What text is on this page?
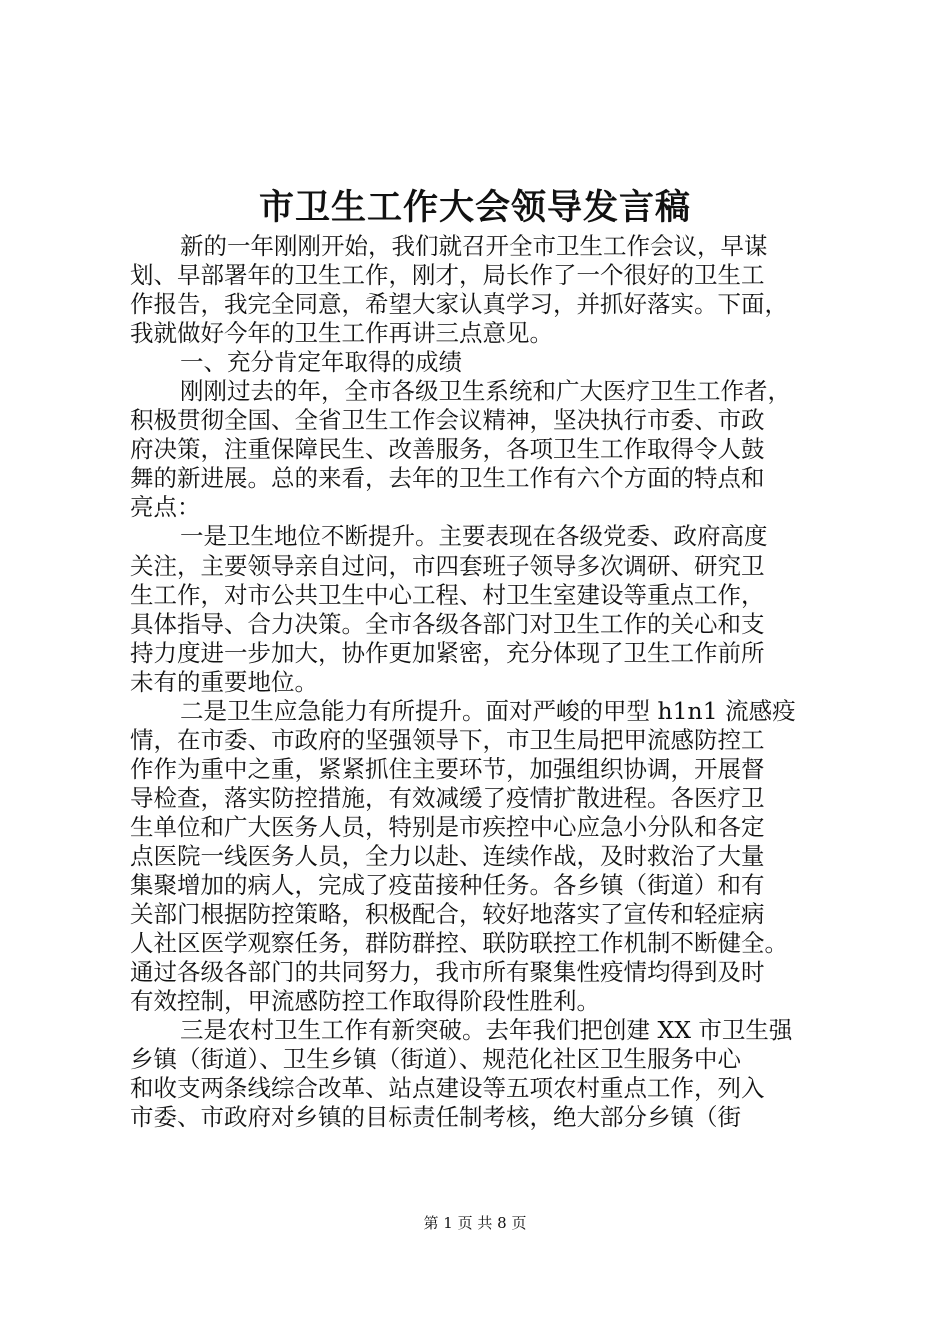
市卫生工作大会领导发言稿
新的一年刚刚开始，我们就召开全市卫生工作会议，早谋
划、早部署年的卫生工作，刚才，局长作了一个很好的卫生工
作报告，我完全同意，希望大家认真学习，并抓好落实。下面，
我就做好今年的卫生工作再讲三点意见。
一、充分肯定年取得的成绩
刚刚过去的年，全市各级卫生系统和广大医疗卫生工作者，
积极贯彻全国、全省卫生工作会议精神，坚决执行市委、市政
府决策，注重保障民生、改善服务，各项卫生工作取得令人鼓
舞的新进展。总的来看，去年的卫生工作有六个方面的特点和
亮点：
一是卫生地位不断提升。主要表现在各级党委、政府高度
关注，主要领导亲自过问，市四套班子领导多次调研、研究卫
生工作，对市公共卫生中心工程、村卫生室建设等重点工作，
具体指导、合力决策。全市各级各部门对卫生工作的关心和支
持力度进一步加大，协作更加紧密，充分体现了卫生工作前所
未有的重要地位。
二是卫生应急能力有所提升。面对严峻的甲型 h1n1 流感疫
情，在市委、市政府的坚强领导下，市卫生局把甲流感防控工
作作为重中之重，紧紧抓住主要环节，加强组织协调，开展督
导检查，落实防控措施，有效减缓了疫情扩散进程。各医疗卫
生单位和广大医务人员，特别是市疾控中心应急小分队和各定
点医院一线医务人员，全力以赴、连续作战，及时救治了大量
集聚增加的病人，完成了疫苗接种任务。各乡镇（街道）和有
关部门根据防控策略，积极配合，较好地落实了宣传和轻症病
人社区医学观察任务，群防群控、联防联控工作机制不断健全。
通过各级各部门的共同努力，我市所有聚集性疫情均得到及时
有效控制，甲流感防控工作取得阶段性胜利。
三是农村卫生工作有新突破。去年我们把创建 XX 市卫生强
乡镇（街道）、卫生乡镇（街道）、规范化社区卫生服务中心
和收支两条线综合改革、站点建设等五项农村重点工作，列入
市委、市政府对乡镇的目标责任制考核，绝大部分乡镇（街
第 1 页 共 8 页
